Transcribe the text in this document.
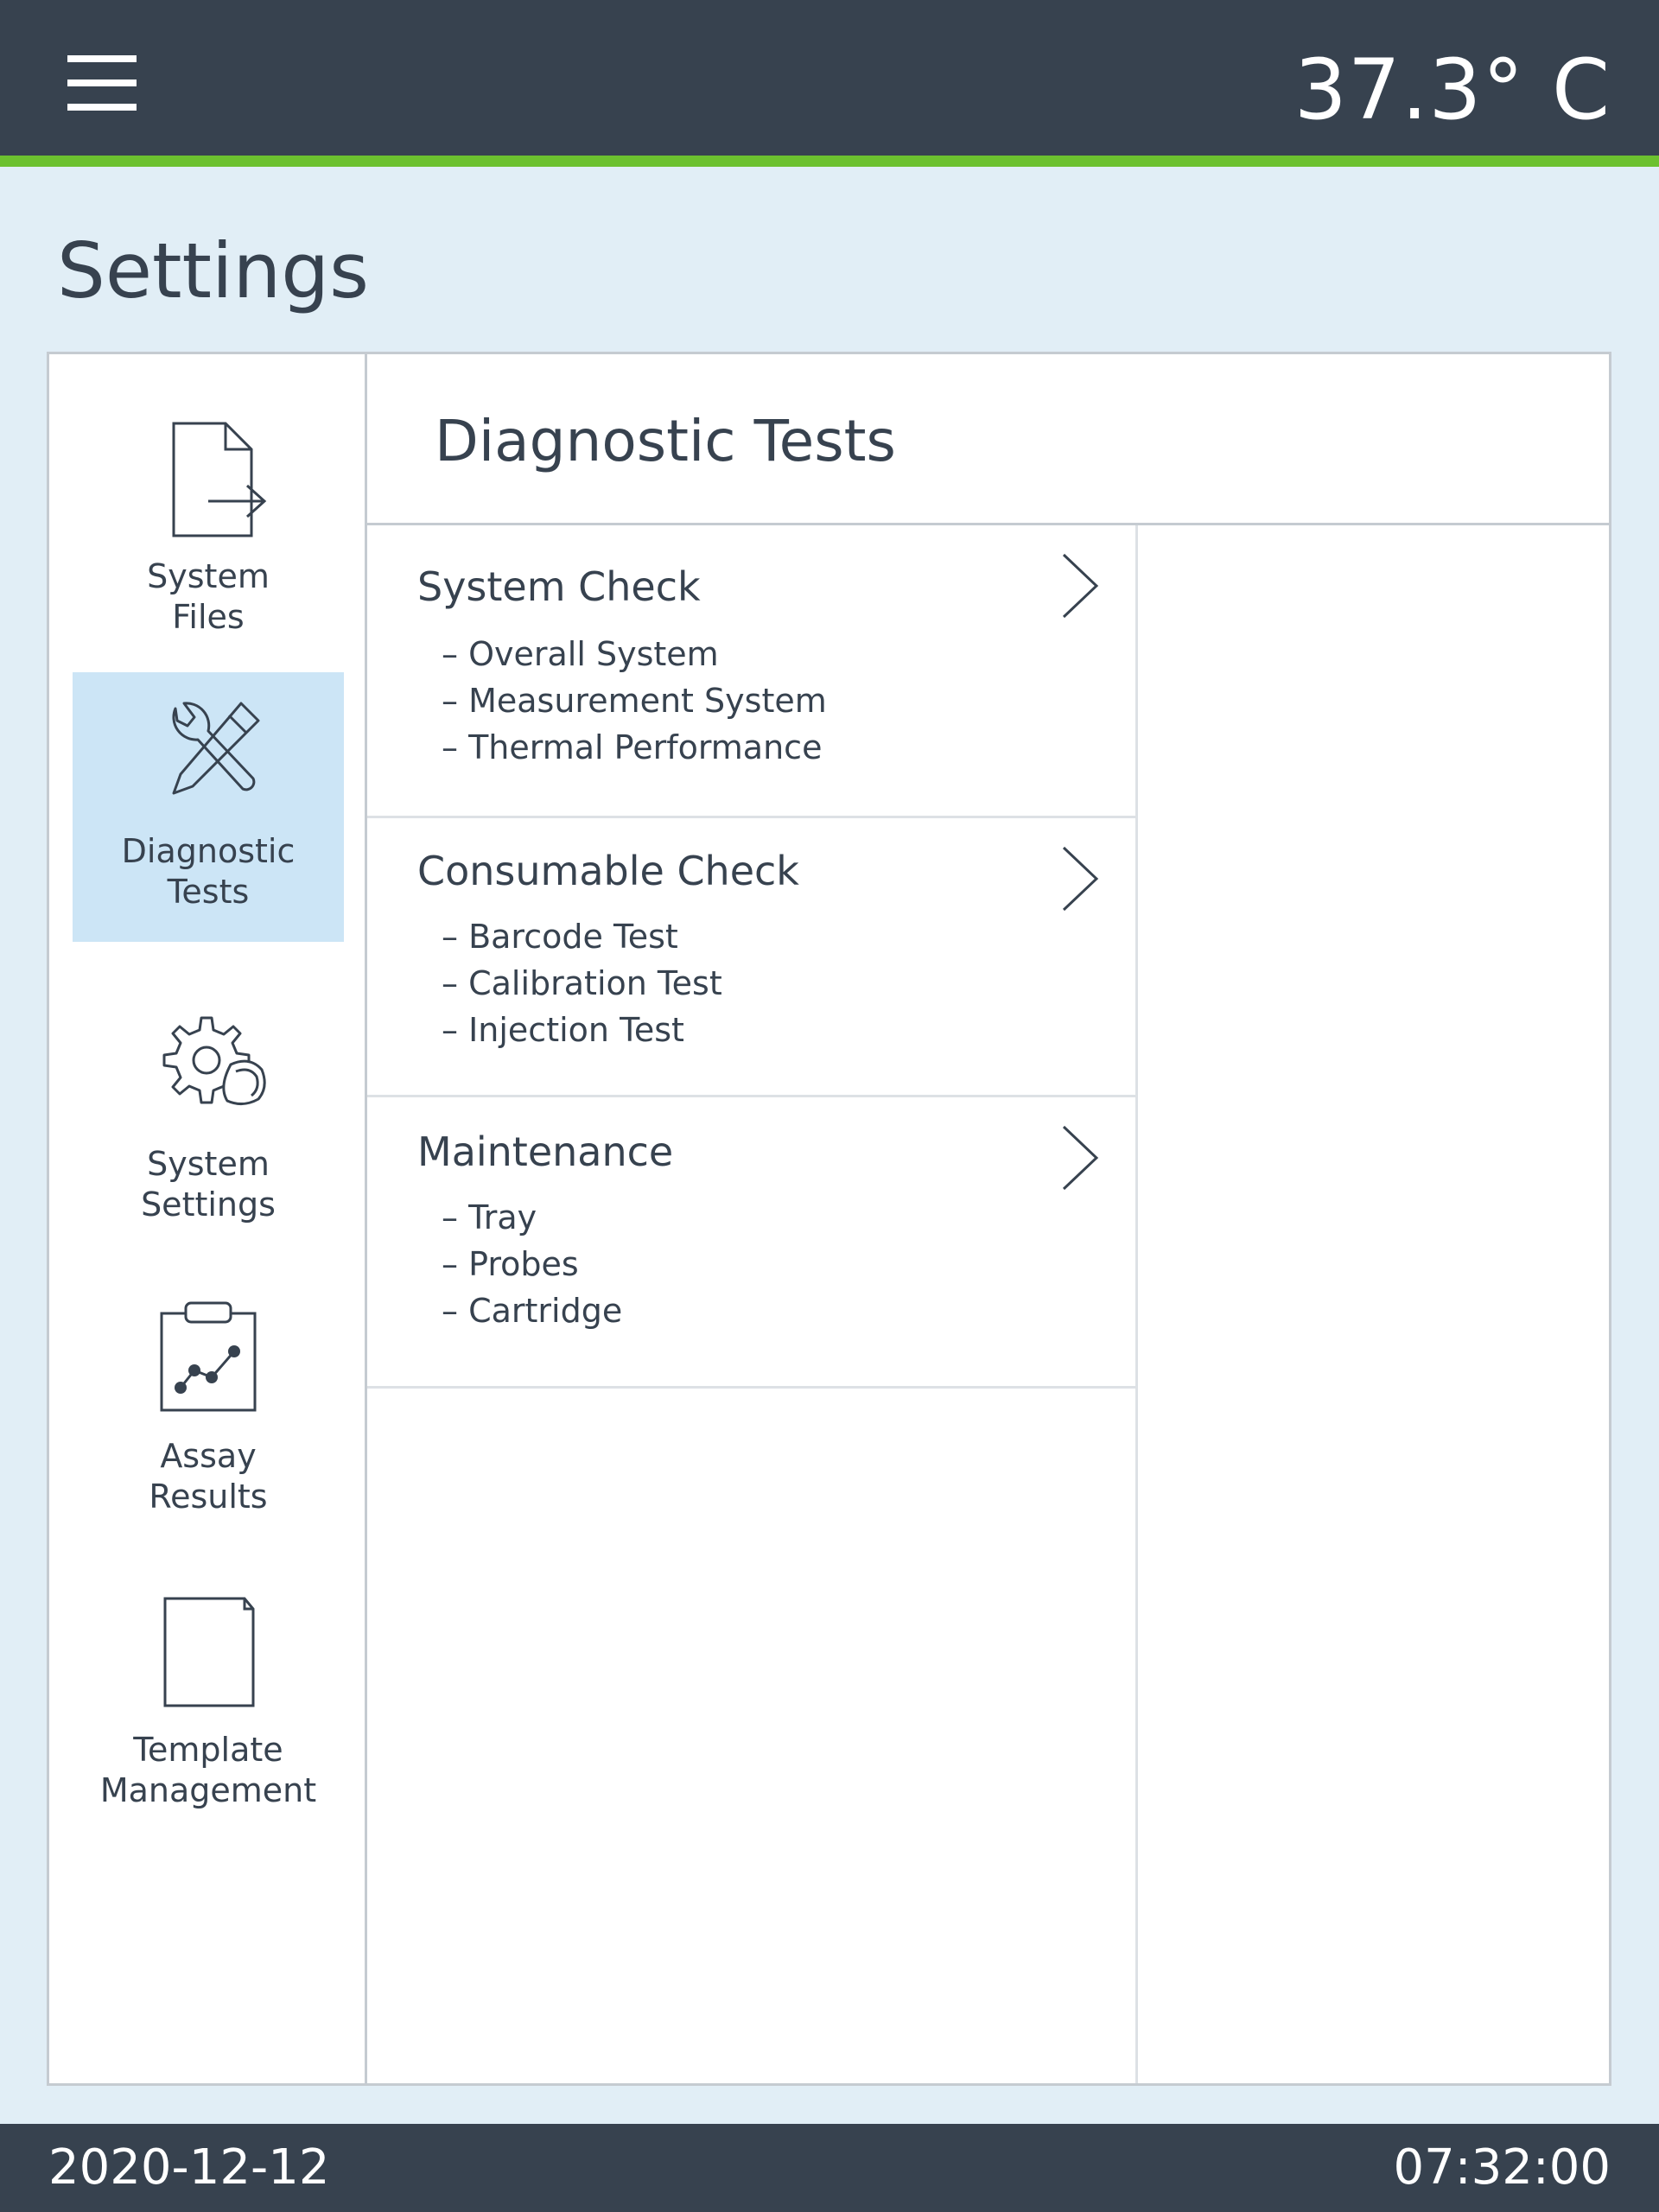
37.3° C
Settings
System
Files
Diagnostic
Tests
System
Settings
Assay
Results
Template
Management
Diagnostic Tests
System Check
– Overall System
– Measurement System
– Thermal Performance
Consumable Check
– Barcode Test
– Calibration Test
– Injection Test
Maintenance
– Tray
– Probes
– Cartridge
2020-12-12	07:32:00
